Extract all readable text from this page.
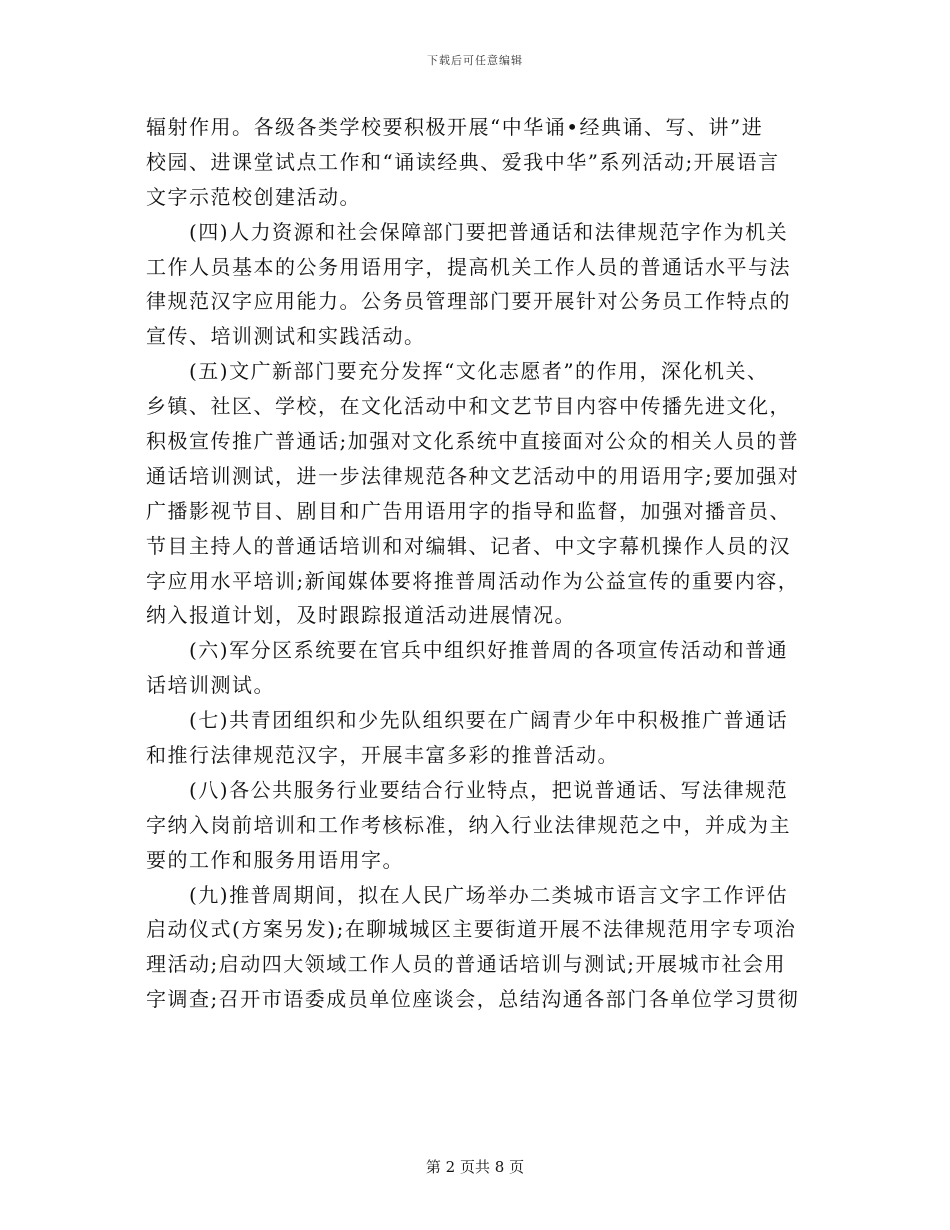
下载后可任意编辑
辐射作用。各级各类学校要积极开展“中华诵•经典诵、写、讲”进
校园、进课堂试点工作和“诵读经典、爱我中华”系列活动;开展语言
文字示范校创建活动。
　　(四)人力资源和社会保障部门要把普通话和法律规范字作为机关
工作人员基本的公务用语用字，提高机关工作人员的普通话水平与法
律规范汉字应用能力。公务员管理部门要开展针对公务员工作特点的
宣传、培训测试和实践活动。
　　(五)文广新部门要充分发挥“文化志愿者”的作用，深化机关、
乡镇、社区、学校，在文化活动中和文艺节目内容中传播先进文化，
积极宣传推广普通话;加强对文化系统中直接面对公众的相关人员的普
通话培训测试，进一步法律规范各种文艺活动中的用语用字;要加强对
广播影视节目、剧目和广告用语用字的指导和监督，加强对播音员、
节目主持人的普通话培训和对编辑、记者、中文字幕机操作人员的汉
字应用水平培训;新闻媒体要将推普周活动作为公益宣传的重要内容，
纳入报道计划，及时跟踪报道活动进展情况。
　　(六)军分区系统要在官兵中组织好推普周的各项宣传活动和普通
话培训测试。
　　(七)共青团组织和少先队组织要在广阔青少年中积极推广普通话
和推行法律规范汉字，开展丰富多彩的推普活动。
　　(八)各公共服务行业要结合行业特点，把说普通话、写法律规范
字纳入岗前培训和工作考核标准，纳入行业法律规范之中，并成为主
要的工作和服务用语用字。
　　(九)推普周期间，拟在人民广场举办二类城市语言文字工作评估
启动仪式(方案另发);在聊城城区主要街道开展不法律规范用字专项治
理活动;启动四大领域工作人员的普通话培训与测试;开展城市社会用
字调查;召开市语委成员单位座谈会，总结沟通各部门各单位学习贯彻
第 2 页共 8 页
